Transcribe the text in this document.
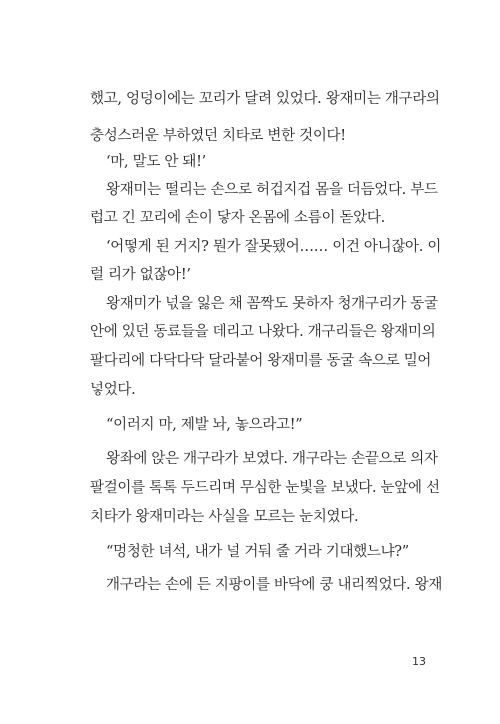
했고, 엉덩이에는 꼬리가 달려 있었다. 왕재미는 개구라의
충성스러운 부하였던 치타로 변한 것이다!
‘마, 말도 안 돼!’
왕재미는 떨리는 손으로 허겁지겁 몸을 더듬었다. 부드
럽고 긴 꼬리에 손이 닿자 온몸에 소름이 돋았다.
‘어떻게 된 거지? 뭔가 잘못됐어…… 이건 아니잖아. 이
럴 리가 없잖아!’
왕재미가 넋을 잃은 채 꼼짝도 못하자 청개구리가 동굴
안에 있던 동료들을 데리고 나왔다. 개구리들은 왕재미의
팔다리에 다닥다닥 달라붙어 왕재미를 동굴 속으로 밀어
넣었다.
“이러지 마, 제발 놔, 놓으라고!”
왕좌에 앉은 개구라가 보였다. 개구라는 손끝으로 의자
팔걸이를 톡톡 두드리며 무심한 눈빛을 보냈다. 눈앞에 선
치타가 왕재미라는 사실을 모르는 눈치였다.
“멍청한 녀석, 내가 널 거둬 줄 거라 기대했느냐?”
개구라는 손에 든 지팡이를 바닥에 쿵 내리찍었다. 왕재
13
